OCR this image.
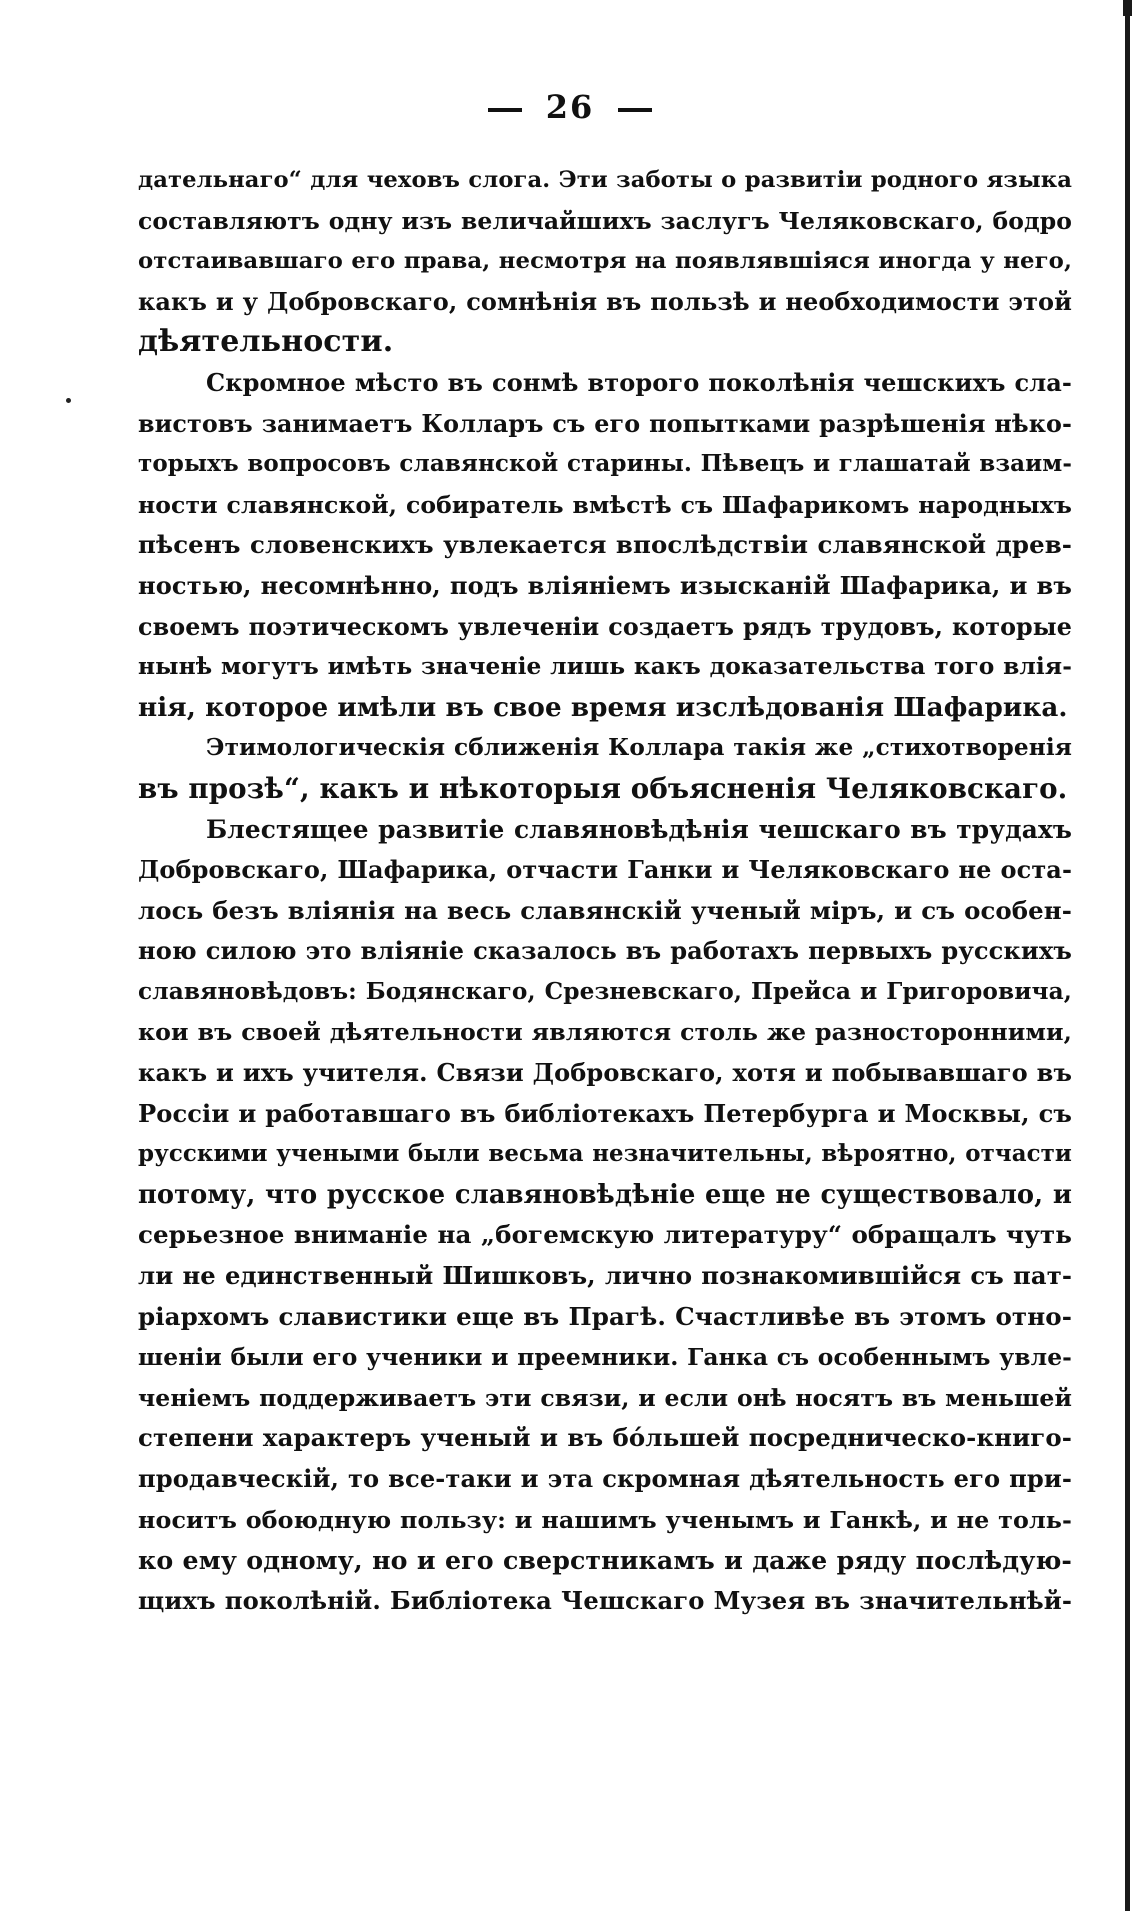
26
дательнаго“ для чеховъ слога. Эти заботы о развитіи родного языка
составляютъ одну изъ величайшихъ заслугъ Челяковскаго, бодро
отстаивавшаго его права, несмотря на появлявшіяся иногда у него,
какъ и у Добровскаго, сомнѣнія въ пользѣ и необходимости этой
дѣятельности.
Скромное мѣсто въ сонмѣ второго поколѣнія чешскихъ сла-
вистовъ занимаетъ Колларъ съ его попытками разрѣшенія нѣко-
торыхъ вопросовъ славянской старины. Пѣвецъ и глашатай взаим-
ности славянской, собиратель вмѣстѣ съ Шафарикомъ народныхъ
пѣсенъ словенскихъ увлекается впослѣдствіи славянской древ-
ностью, несомнѣнно, подъ вліяніемъ изысканій Шафарика, и въ
своемъ поэтическомъ увлеченіи создаетъ рядъ трудовъ, которые
нынѣ могутъ имѣть значеніе лишь какъ доказательства того влія-
нія, которое имѣли въ свое время изслѣдованія Шафарика.
Этимологическія сближенія Коллара такія же „стихотворенія
въ прозѣ“, какъ и нѣкоторыя объясненія Челяковскаго.
Блестящее развитіе славяновѣдѣнія чешскаго въ трудахъ
Добровскаго, Шафарика, отчасти Ганки и Челяковскаго не оста-
лось безъ вліянія на весь славянскій ученый міръ, и съ особен-
ною силою это вліяніе сказалось въ работахъ первыхъ русскихъ
славяновѣдовъ: Бодянскаго, Срезневскаго, Прейса и Григоровича,
кои въ своей дѣятельности являются столь же разносторонними,
какъ и ихъ учителя. Связи Добровскаго, хотя и побывавшаго въ
Россіи и работавшаго въ библіотекахъ Петербурга и Москвы, съ
русскими учеными были весьма незначительны, вѣроятно, отчасти
потому, что русское славяновѣдѣніе еще не существовало, и
серьезное вниманіе на „богемскую литературу“ обращалъ чуть
ли не единственный Шишковъ, лично познакомившійся съ пат-
ріархомъ славистики еще въ Прагѣ. Счастливѣе въ этомъ отно-
шеніи были его ученики и преемники. Ганка съ особеннымъ увле-
ченіемъ поддерживаетъ эти связи, и если онѣ носятъ въ меньшей
степени характеръ ученый и въ бо́льшей посредническо-книго-
продавческій, то все-таки и эта скромная дѣятельность его при-
носитъ обоюдную пользу: и нашимъ ученымъ и Ганкѣ, и не толь-
ко ему одному, но и его сверстникамъ и даже ряду послѣдую-
щихъ поколѣній. Библіотека Чешскаго Музея въ значительнѣй-
